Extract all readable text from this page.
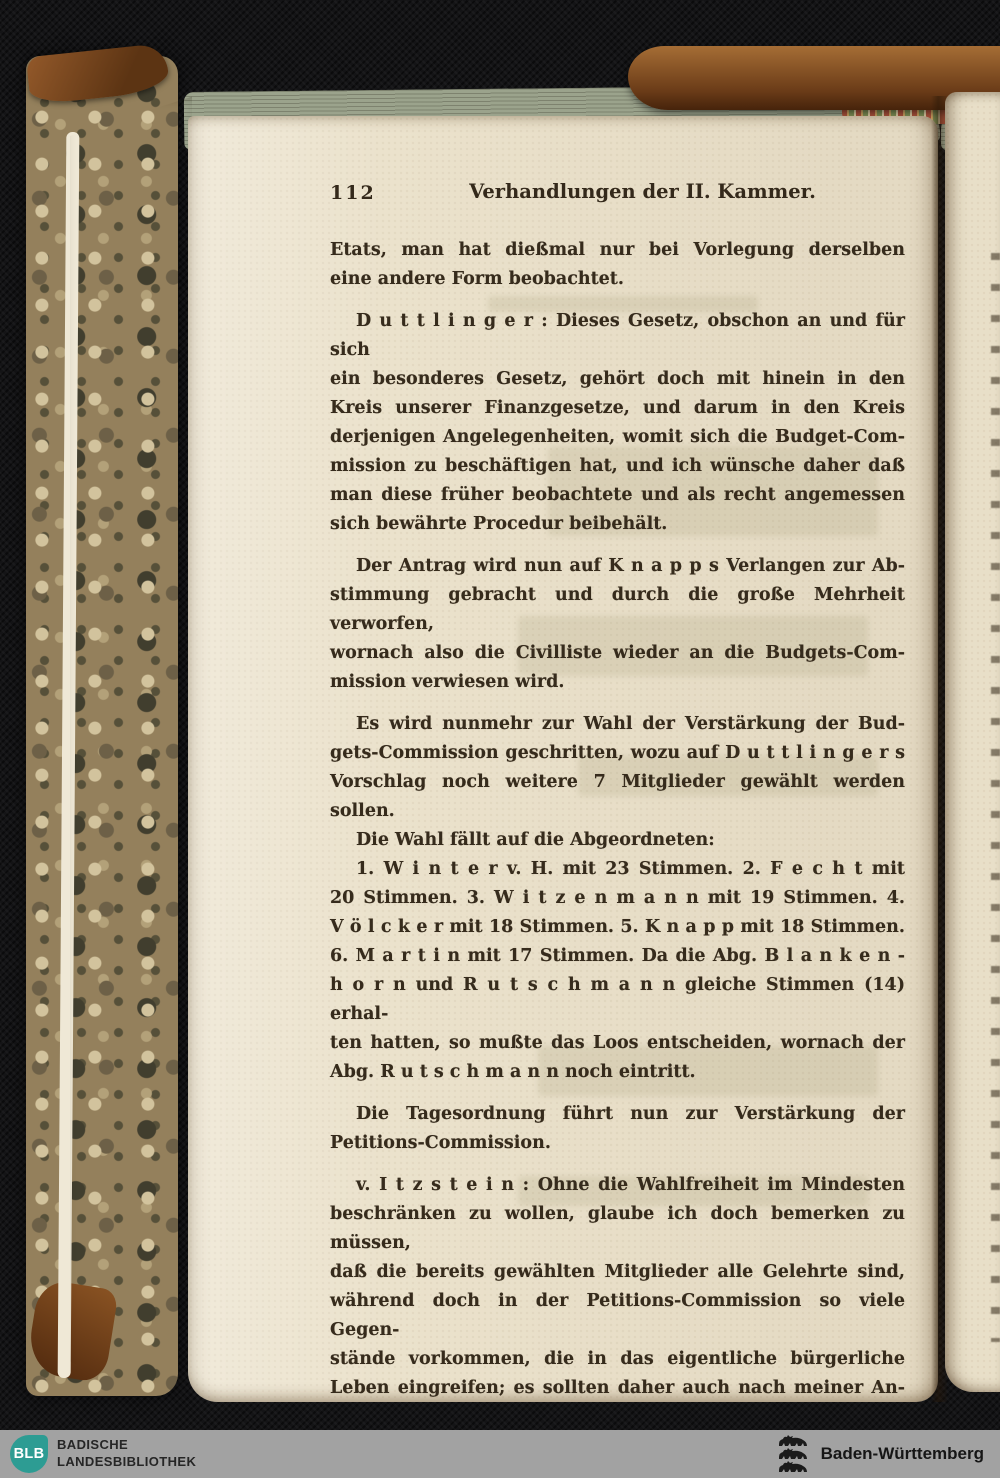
112	Verhandlungen der II. Kammer.
Etats, man hat dießmal nur bei Vorlegung derselben
eine andere Form beobachtet.
D u t t l i n g e r : Dieses Gesetz, obschon an und für sich
ein besonderes Gesetz, gehört doch mit hinein in den
Kreis unserer Finanzgesetze, und darum in den Kreis
derjenigen Angelegenheiten, womit sich die Budget-Com-
mission zu beschäftigen hat, und ich wünsche daher daß
man diese früher beobachtete und als recht angemessen
sich bewährte Procedur beibehält.
Der Antrag wird nun auf K n a p p s Verlangen zur Ab-
stimmung gebracht und durch die große Mehrheit verworfen,
wornach also die Civilliste wieder an die Budgets-Com-
mission verwiesen wird.
Es wird nunmehr zur Wahl der Verstärkung der Bud-
gets-Commission geschritten, wozu auf D u t t l i n g e r s
Vorschlag noch weitere 7 Mitglieder gewählt werden sollen.
Die Wahl fällt auf die Abgeordneten:
1. W i n t e r v. H. mit 23 Stimmen. 2. F e c h t mit
20 Stimmen. 3. W i t z e n m a n n mit 19 Stimmen. 4.
V ö l c k e r mit 18 Stimmen. 5. K n a p p mit 18 Stimmen.
6. M a r t i n mit 17 Stimmen. Da die Abg. B l a n k e n -
h o r n und R u t s c h m a n n gleiche Stimmen (14) erhal-
ten hatten, so mußte das Loos entscheiden, wornach der
Abg. R u t s c h m a n n noch eintritt.
Die Tagesordnung führt nun zur Verstärkung der
Petitions-Commission.
v. I t z s t e i n : Ohne die Wahlfreiheit im Mindesten
beschränken zu wollen, glaube ich doch bemerken zu müssen,
daß die bereits gewählten Mitglieder alle Gelehrte sind,
während doch in der Petitions-Commission so viele Gegen-
stände vorkommen, die in das eigentliche bürgerliche
Leben eingreifen; es sollten daher auch nach meiner An-
BLB
BADISCHE
LANDESBIBLIOTHEK	Baden-Württemberg
